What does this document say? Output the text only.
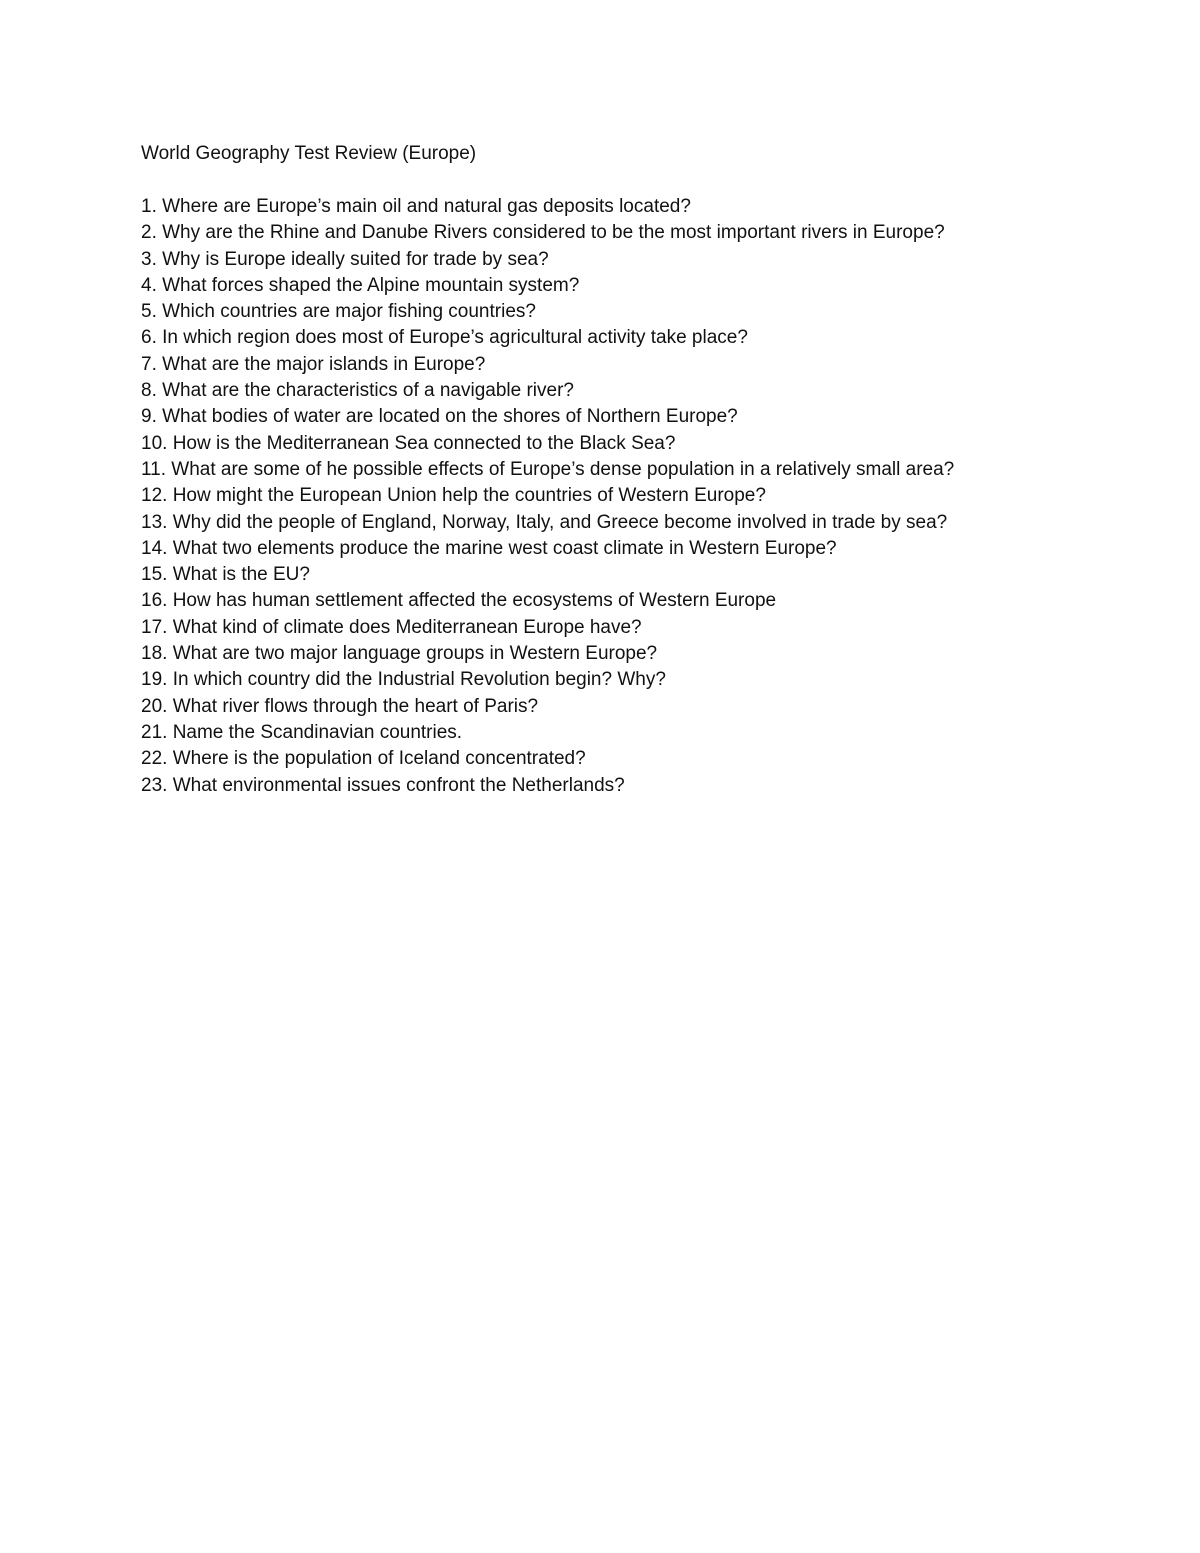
World Geography Test Review (Europe)
1. Where are Europe’s main oil and natural gas deposits located?
2. Why are the Rhine and Danube Rivers considered to be the most important rivers in Europe?
3. Why is Europe ideally suited for trade by sea?
4. What forces shaped the Alpine mountain system?
5. Which countries are major fishing countries?
6. In which region does most of Europe’s agricultural activity take place?
7. What are the major islands in Europe?
8. What are the characteristics of a navigable river?
9. What bodies of water are located on the shores of Northern Europe?
10. How is the Mediterranean Sea connected to the Black Sea?
11. What are some of he possible effects of Europe’s dense population in a relatively small area?
12. How might the European Union help the countries of Western Europe?
13. Why did the people of England, Norway, Italy, and Greece become involved in trade by sea?
14. What two elements produce the marine west coast climate in Western Europe?
15. What is the EU?
16. How has human settlement affected the ecosystems of Western Europe
17. What kind of climate does Mediterranean Europe have?
18. What are two major language groups in Western Europe?
19. In which country did the Industrial Revolution begin? Why?
20. What river flows through the heart of Paris?
21. Name the Scandinavian countries.
22. Where is the population of Iceland concentrated?
23. What environmental issues confront the Netherlands?
